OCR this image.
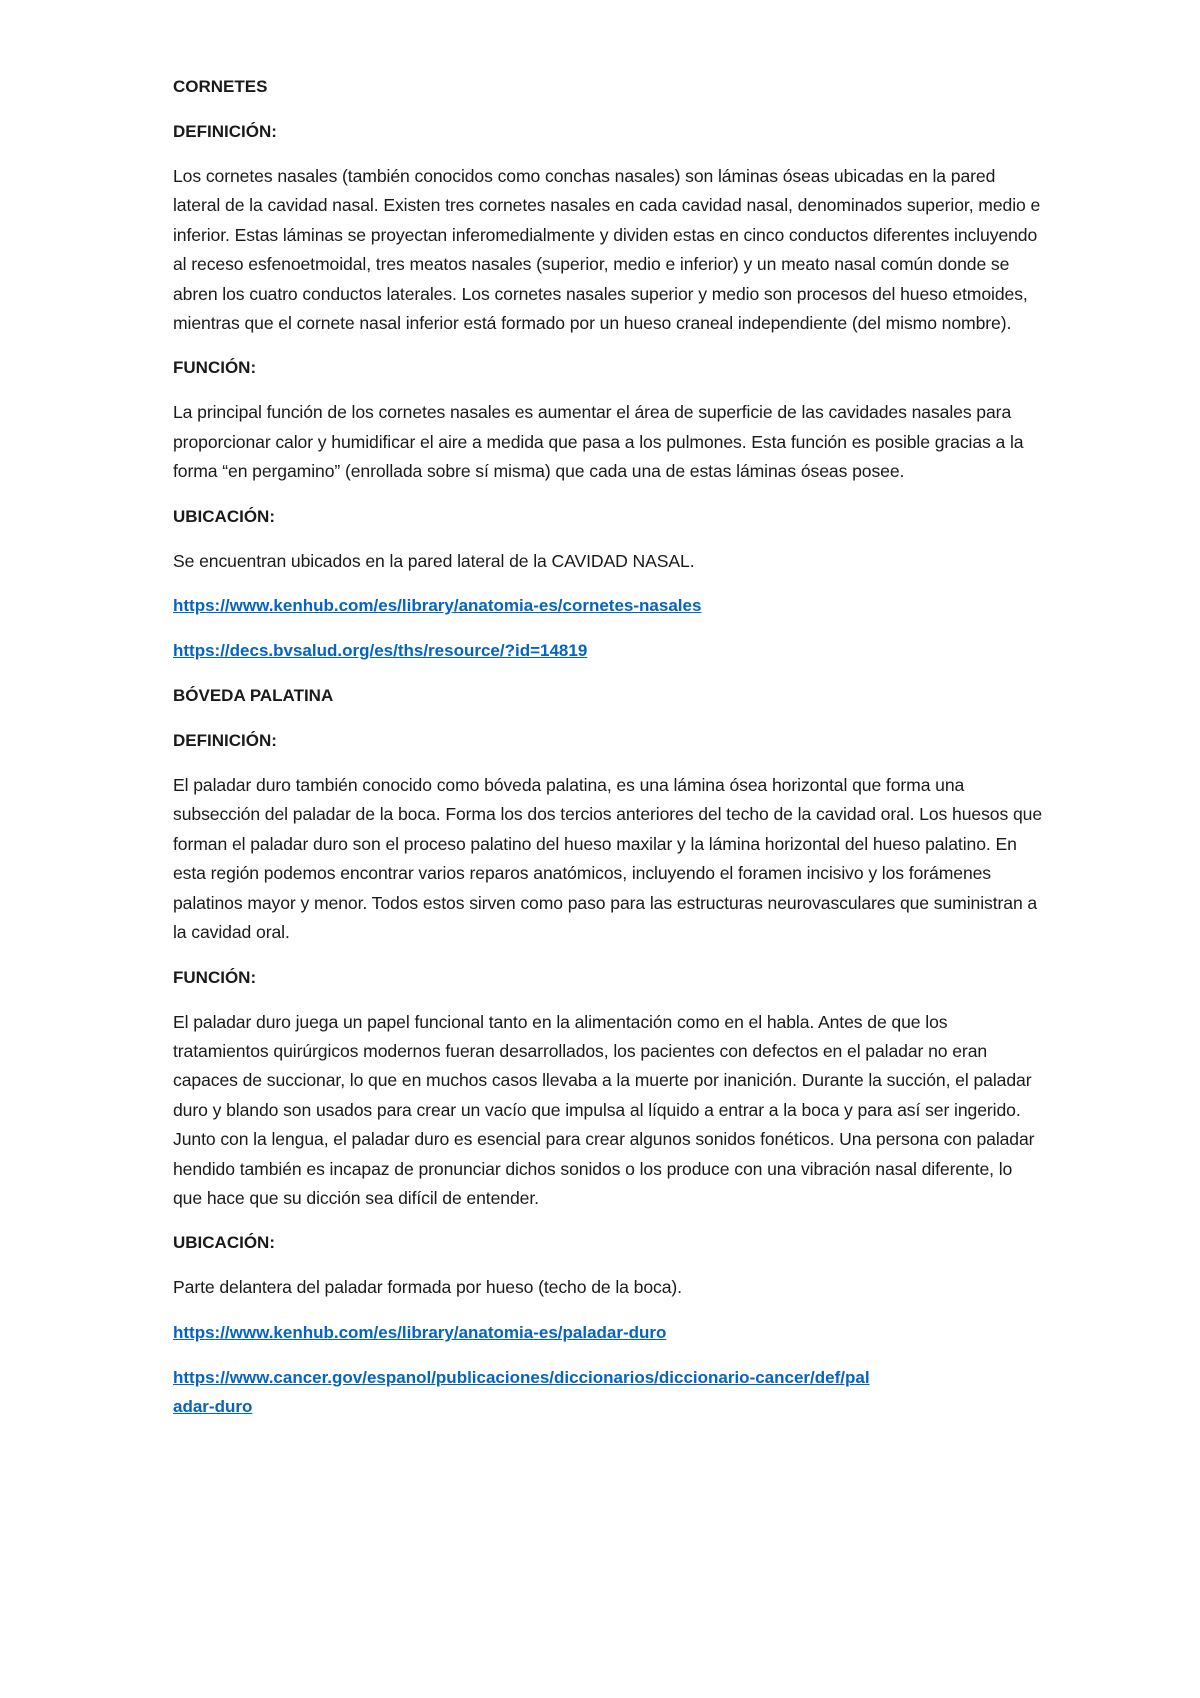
CORNETES
DEFINICIÓN:

Los cornetes nasales (también conocidos como conchas nasales) son láminas óseas ubicadas en la pared lateral de la cavidad nasal. Existen tres cornetes nasales en cada cavidad nasal, denominados superior, medio e inferior. Estas láminas se proyectan inferomedialmente y dividen estas en cinco conductos diferentes incluyendo al receso esfenoetmoidal, tres meatos nasales (superior, medio e inferior) y un meato nasal común donde se abren los cuatro conductos laterales. Los cornetes nasales superior y medio son procesos del hueso etmoides, mientras que el cornete nasal inferior está formado por un hueso craneal independiente (del mismo nombre).

FUNCIÓN:

La principal función de los cornetes nasales es aumentar el área de superficie de las cavidades nasales para proporcionar calor y humidificar el aire a medida que pasa a los pulmones. Esta función es posible gracias a la forma “en pergamino” (enrollada sobre sí misma) que cada una de estas láminas óseas posee.

UBICACIÓN:

Se encuentran ubicados en la pared lateral de la CAVIDAD NASAL.

https://www.kenhub.com/es/library/anatomia-es/cornetes-nasales
https://decs.bvsalud.org/es/ths/resource/?id=14819
BÓVEDA PALATINA
DEFINICIÓN:

El paladar duro también conocido como bóveda palatina, es una lámina ósea horizontal que forma una subsección del paladar de la boca. Forma los dos tercios anteriores del techo de la cavidad oral. Los huesos que forman el paladar duro son el proceso palatino del hueso maxilar y la lámina horizontal del hueso palatino. En esta región podemos encontrar varios reparos anatómicos, incluyendo el foramen incisivo y los forámenes palatinos mayor y menor. Todos estos sirven como paso para las estructuras neurovasculares que suministran a la cavidad oral.

FUNCIÓN:

El paladar duro juega un papel funcional tanto en la alimentación como en el habla. Antes de que los tratamientos quirúrgicos modernos fueran desarrollados, los pacientes con defectos en el paladar no eran capaces de succionar, lo que en muchos casos llevaba a la muerte por inanición. Durante la succión, el paladar duro y blando son usados para crear un vacío que impulsa al líquido a entrar a la boca y para así ser ingerido. Junto con la lengua, el paladar duro es esencial para crear algunos sonidos fonéticos. Una persona con paladar hendido también es incapaz de pronunciar dichos sonidos o los produce con una vibración nasal diferente, lo que hace que su dicción sea difícil de entender.

UBICACIÓN:

Parte delantera del paladar formada por hueso (techo de la boca).

https://www.kenhub.com/es/library/anatomia-es/paladar-duro
https://www.cancer.gov/espanol/publicaciones/diccionarios/diccionario-cancer/def/paladar-duro
